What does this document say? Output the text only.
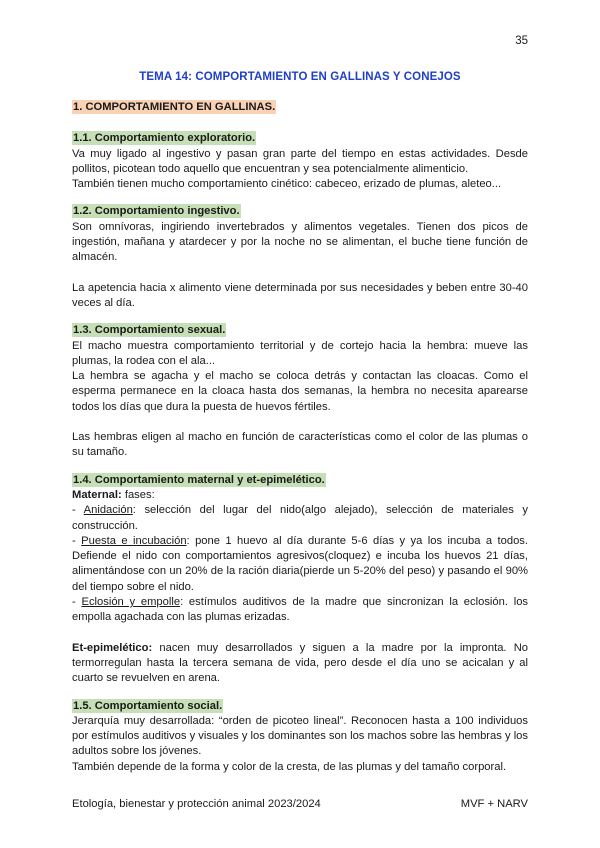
35
TEMA 14: COMPORTAMIENTO EN GALLINAS Y CONEJOS
1. COMPORTAMIENTO EN GALLINAS.
1.1. Comportamiento exploratorio.

Va muy ligado al ingestivo y pasan gran parte del tiempo en estas actividades. Desde pollitos, picotean todo aquello que encuentran y sea potencialmente alimenticio.

También tienen mucho comportamiento cinético: cabeceo, erizado de plumas, aleteo...

1.2. Comportamiento ingestivo.

Son omnívoras, ingiriendo invertebrados y alimentos vegetales. Tienen dos picos de ingestión, mañana y atardecer y por la noche no se alimentan, el buche tiene función de almacén.

La apetencia hacia x alimento viene determinada por sus necesidades y beben entre 30-40 veces al día.

1.3. Comportamiento sexual.

El macho muestra comportamiento territorial y de cortejo hacia la hembra: mueve las plumas, la rodea con el ala...

La hembra se agacha y el macho se coloca detrás y contactan las cloacas. Como el esperma permanece en la cloaca hasta dos semanas, la hembra no necesita aparearse todos los días que dura la puesta de huevos fértiles.

Las hembras eligen al macho en función de características como el color de las plumas o su tamaño.

1.4. Comportamiento maternal y et-epimelético.

Maternal: fases:

- Anidación: selección del lugar del nido(algo alejado), selección de materiales y construcción.

- Puesta e incubación: pone 1 huevo al día durante 5-6 días y ya los incuba a todos. Defiende el nido con comportamientos agresivos(cloquez) e incuba los huevos 21 días, alimentándose con un 20% de la ración diaria(pierde un 5-20% del peso) y pasando el 90% del tiempo sobre el nido.

- Eclosión y empolle: estímulos auditivos de la madre que sincronizan la eclosión. los empolla agachada con las plumas erizadas.

Et-epimelético: nacen muy desarrollados y siguen a la madre por la impronta. No termorregulan hasta la tercera semana de vida, pero desde el día uno se acicalan y al cuarto se revuelven en arena.

1.5. Comportamiento social.

Jerarquía muy desarrollada: “orden de picoteo lineal”. Reconocen hasta a 100 individuos por estímulos auditivos y visuales y los dominantes son los machos sobre las hembras y los adultos sobre los jóvenes.

También depende de la forma y color de la cresta, de las plumas y del tamaño corporal.

Etología, bienestar y protección animal 2023/2024	MVF + NARV
